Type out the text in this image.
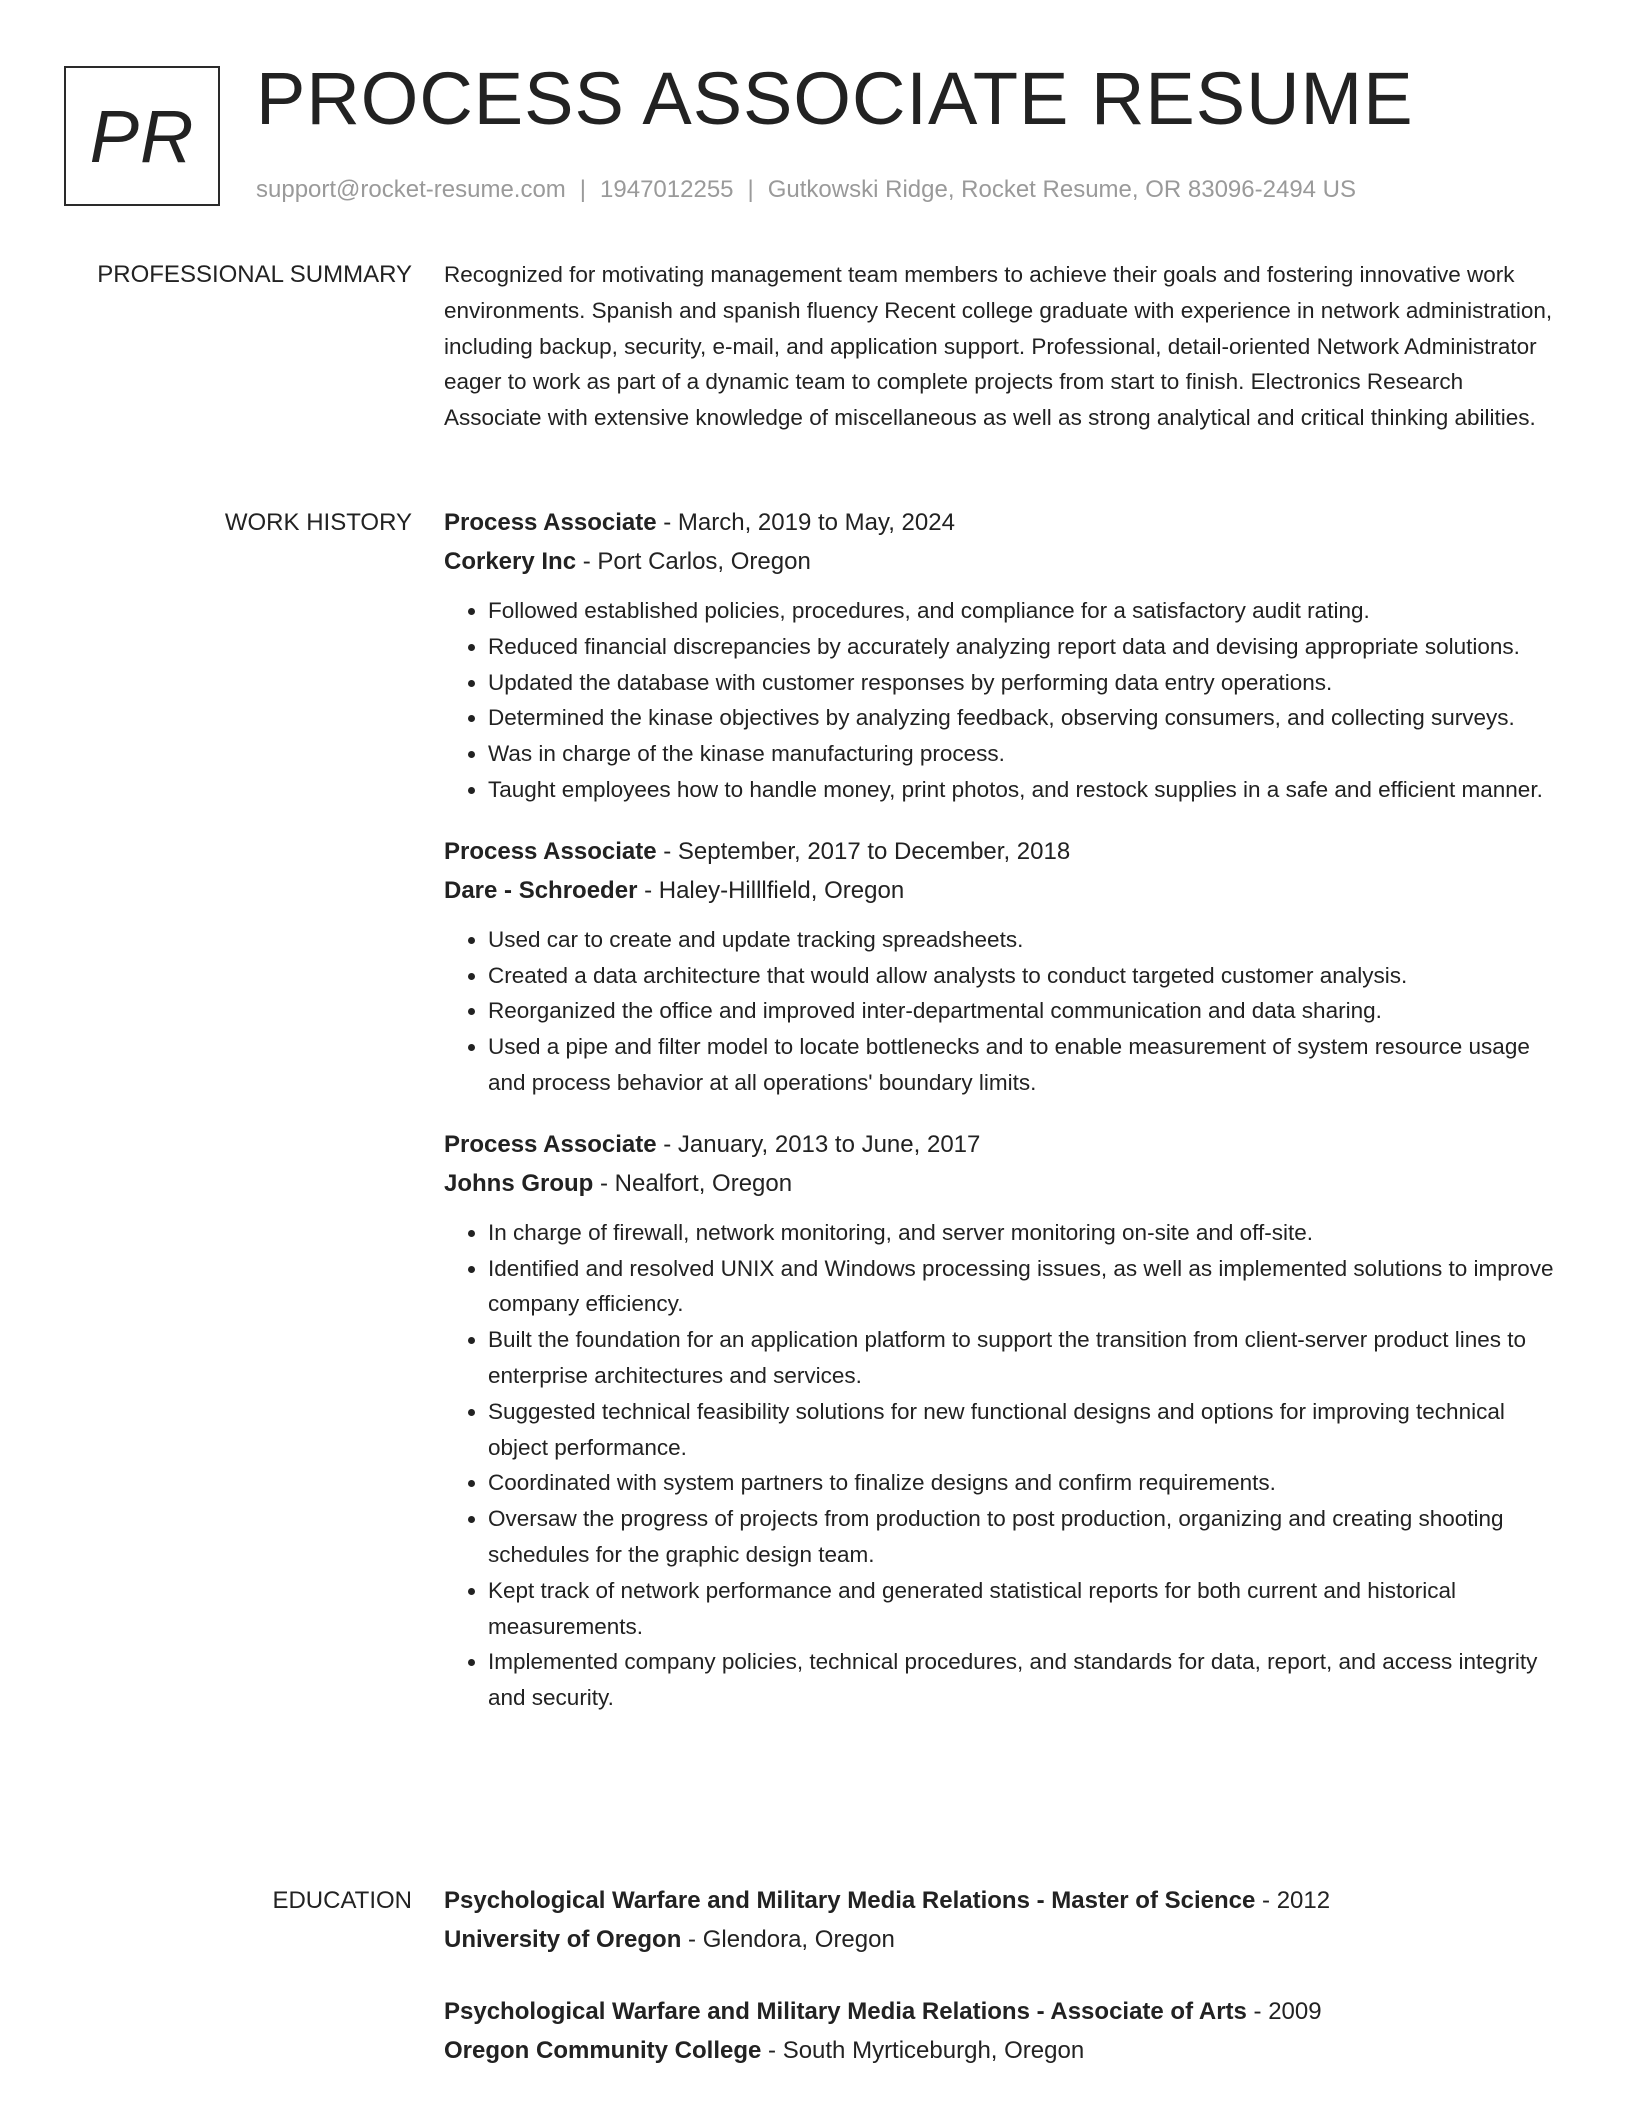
PR PROCESS ASSOCIATE RESUME
support@rocket-resume.com | 1947012255 | Gutkowski Ridge, Rocket Resume, OR 83096-2494 US
PROFESSIONAL SUMMARY Recognized for motivating management team members to achieve their goals and fostering innovative work environments. Spanish and spanish fluency Recent college graduate with experience in network administration, including backup, security, e-mail, and application support. Professional, detail-oriented Network Administrator eager to work as part of a dynamic team to complete projects from start to finish. Electronics Research Associate with extensive knowledge of miscellaneous as well as strong analytical and critical thinking abilities.

WORK HISTORY Process Associate - March, 2019 to May, 2024
Corkery Inc - Port Carlos, Oregon
• Followed established policies, procedures, and compliance for a satisfactory audit rating.
• Reduced financial discrepancies by accurately analyzing report data and devising appropriate solutions.
• Updated the database with customer responses by performing data entry operations.
• Determined the kinase objectives by analyzing feedback, observing consumers, and collecting surveys.
• Was in charge of the kinase manufacturing process.
• Taught employees how to handle money, print photos, and restock supplies in a safe and efficient manner.
Process Associate - September, 2017 to December, 2018
Dare - Schroeder - Haley-Hilllfield, Oregon
• Used car to create and update tracking spreadsheets.
• Created a data architecture that would allow analysts to conduct targeted customer analysis.
• Reorganized the office and improved inter-departmental communication and data sharing.
• Used a pipe and filter model to locate bottlenecks and to enable measurement of system resource usage and process behavior at all operations' boundary limits.
Process Associate - January, 2013 to June, 2017
Johns Group - Nealfort, Oregon
• In charge of firewall, network monitoring, and server monitoring on-site and off-site.
• Identified and resolved UNIX and Windows processing issues, as well as implemented solutions to improve company efficiency.
• Built the foundation for an application platform to support the transition from client-server product lines to enterprise architectures and services.
• Suggested technical feasibility solutions for new functional designs and options for improving technical object performance.
• Coordinated with system partners to finalize designs and confirm requirements.
• Oversaw the progress of projects from production to post production, organizing and creating shooting schedules for the graphic design team.
• Kept track of network performance and generated statistical reports for both current and historical measurements.
• Implemented company policies, technical procedures, and standards for data, report, and access integrity and security.
EDUCATION Psychological Warfare and Military Media Relations - Master of Science - 2012
University of Oregon - Glendora, Oregon
Psychological Warfare and Military Media Relations - Associate of Arts - 2009
Oregon Community College - South Myrticeburgh, Oregon
